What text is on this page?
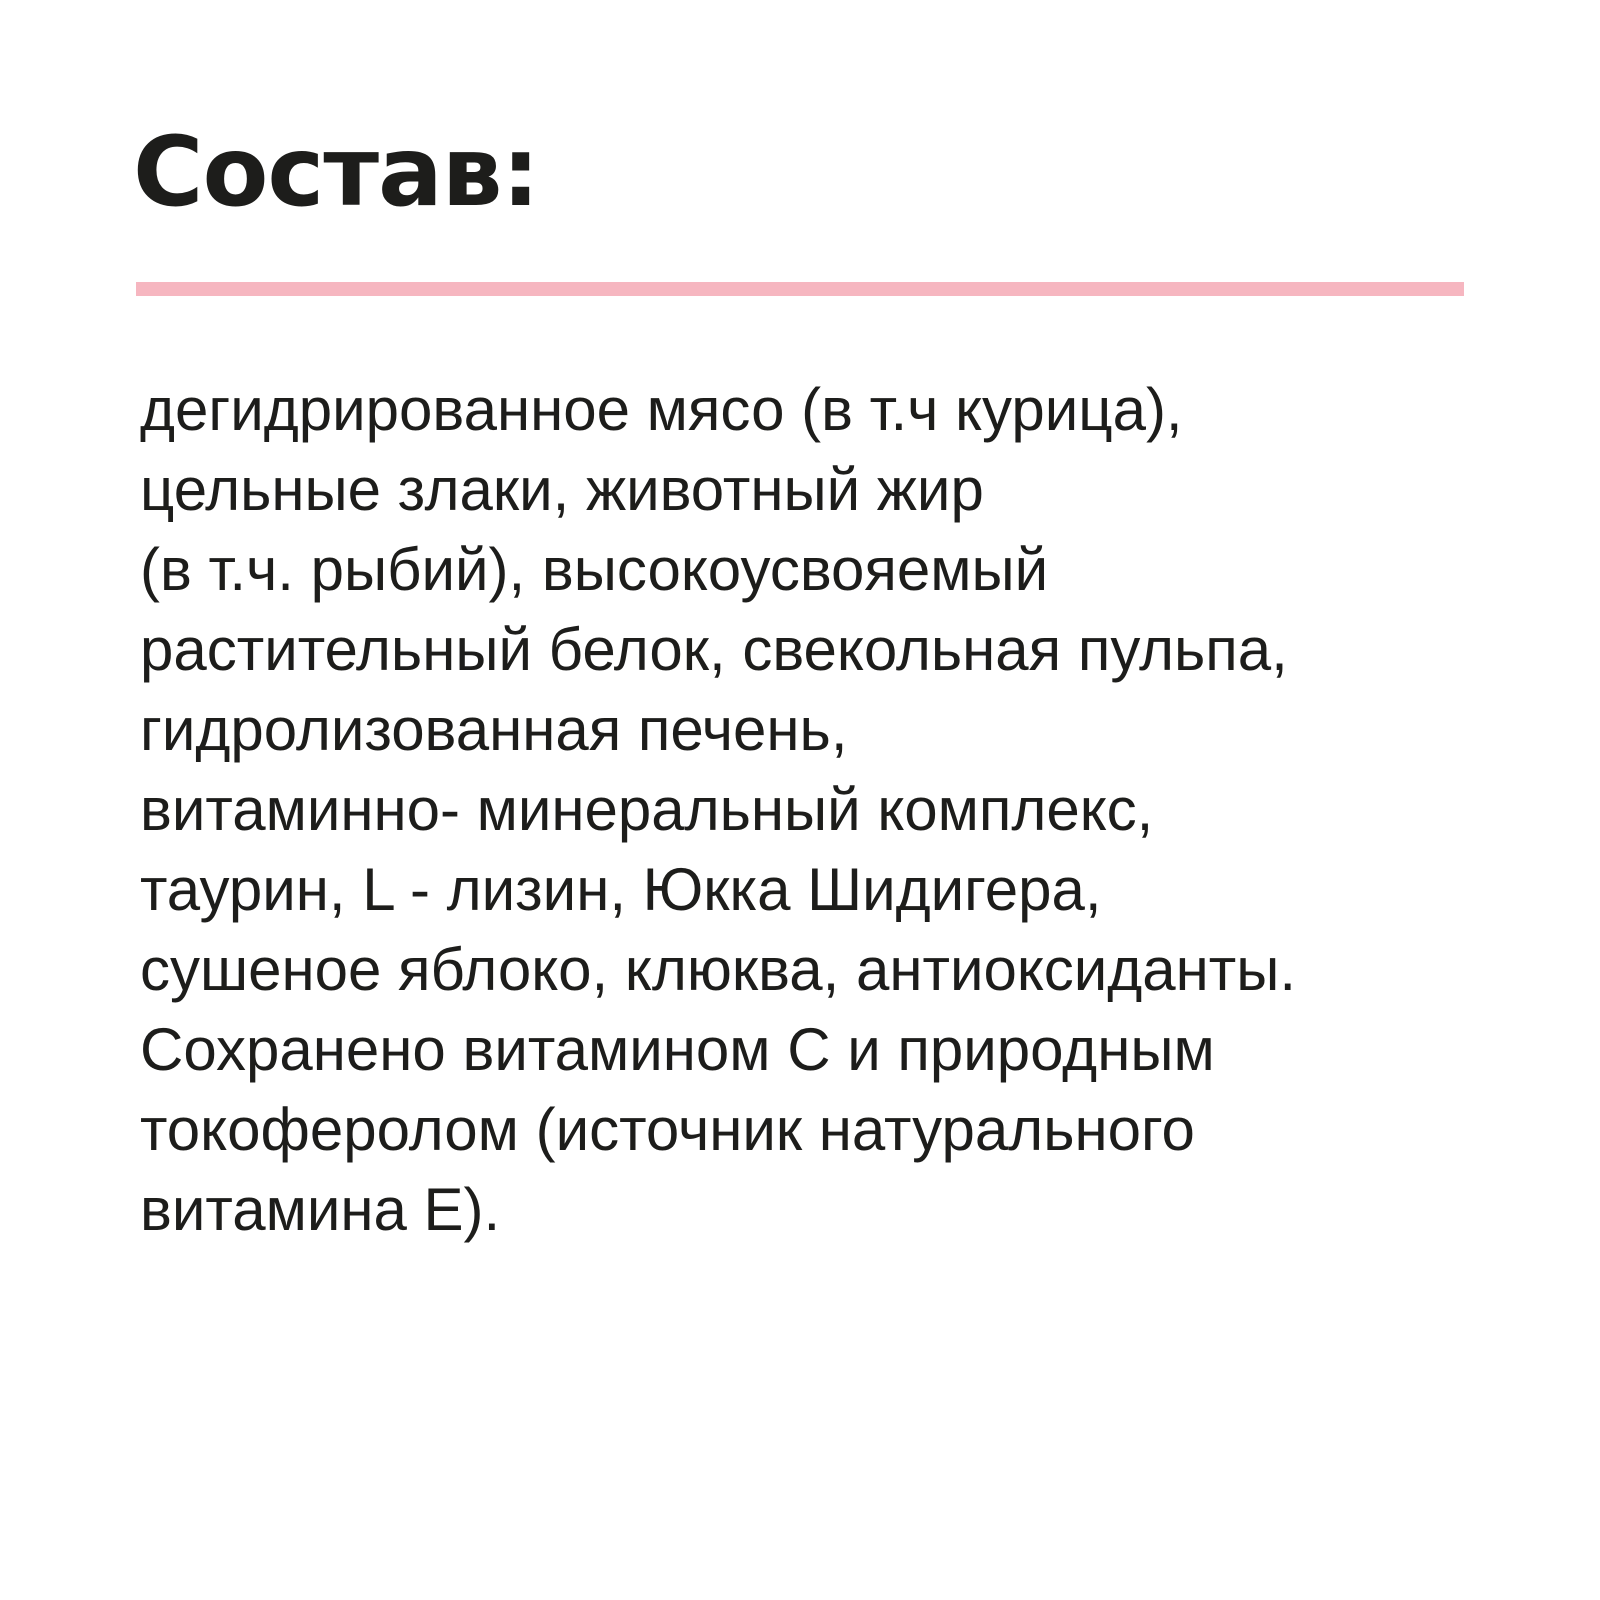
Состав:
дегидрированное мясо (в т.ч курица),
цельные злаки, животный жир
(в т.ч. рыбий), высокоусвояемый
растительный белок, свекольная пульпа,
гидролизованная печень,
витаминно- минеральный комплекс,
таурин, L - лизин, Юкка Шидигера,
сушеное яблоко, клюква, антиоксиданты.
Сохранено витамином С и природным
токоферолом (источник натурального
витамина Е).
